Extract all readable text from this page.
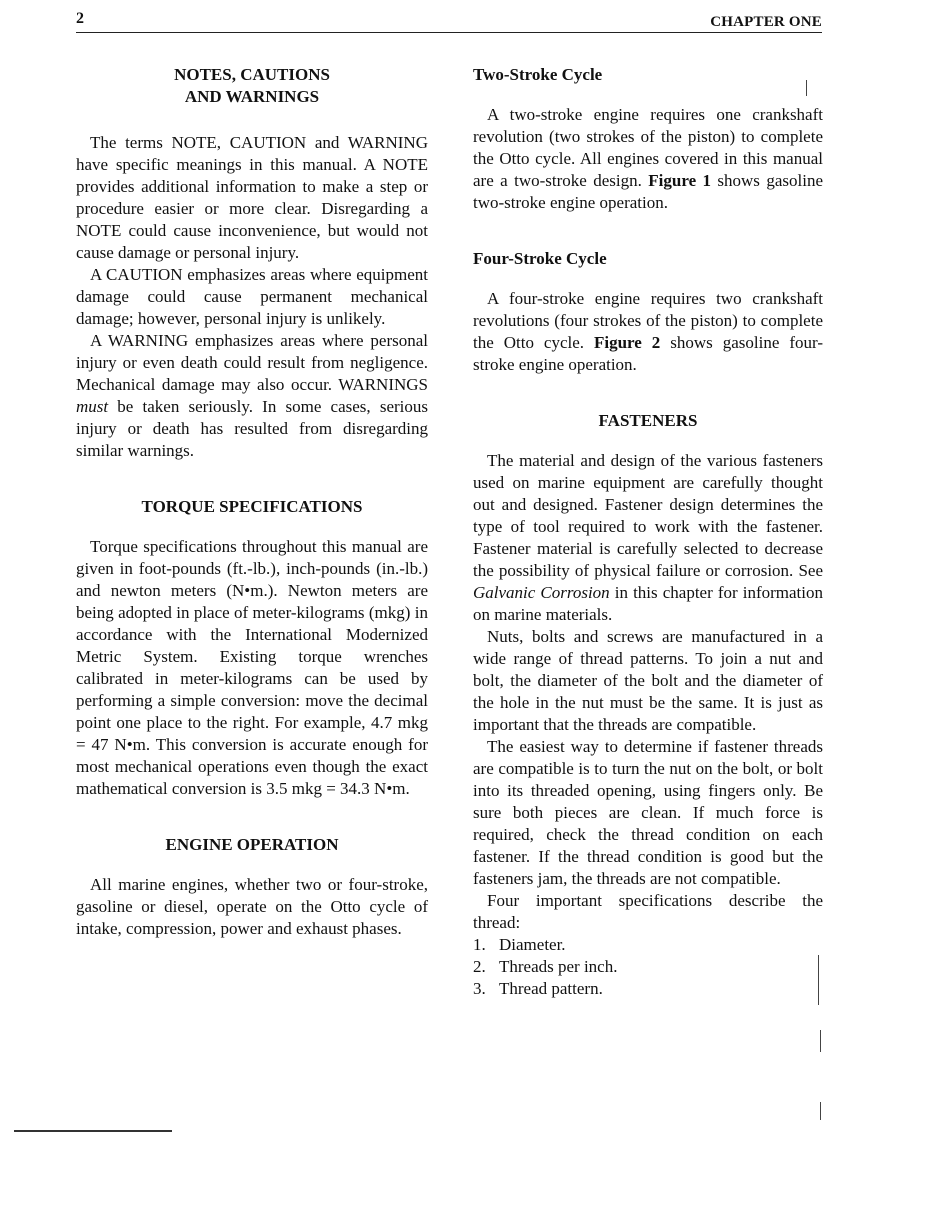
2	CHAPTER ONE
NOTES, CAUTIONS
AND WARNINGS

The terms NOTE, CAUTION and WARNING have specific meanings in this manual. A NOTE provides additional information to make a step or procedure easier or more clear. Disregarding a NOTE could cause inconvenience, but would not cause damage or personal injury.

A CAUTION emphasizes areas where equipment damage could cause permanent mechanical damage; however, personal injury is unlikely.

A WARNING emphasizes areas where personal injury or even death could result from negligence. Mechanical damage may also occur. WARNINGS must be taken seriously. In some cases, serious injury or death has resulted from disregarding similar warnings.

TORQUE SPECIFICATIONS

Torque specifications throughout this manual are given in foot-pounds (ft.-lb.), inch-pounds (in.-lb.) and newton meters (N•m.). Newton meters are being adopted in place of meter-kilograms (mkg) in accordance with the International Modernized Metric System. Existing torque wrenches calibrated in meter-kilograms can be used by performing a simple conversion: move the decimal point one place to the right. For example, 4.7 mkg = 47 N•m. This conversion is accurate enough for most mechanical operations even though the exact mathematical conversion is 3.5 mkg = 34.3 N•m.

ENGINE OPERATION

All marine engines, whether two or four-stroke, gasoline or diesel, operate on the Otto cycle of intake, compression, power and exhaust phases.

Two-Stroke Cycle

A two-stroke engine requires one crankshaft revolution (two strokes of the piston) to complete the Otto cycle. All engines covered in this manual are a two-stroke design. Figure 1 shows gasoline two-stroke engine operation.

Four-Stroke Cycle

A four-stroke engine requires two crankshaft revolutions (four strokes of the piston) to complete the Otto cycle. Figure 2 shows gasoline four-stroke engine operation.

FASTENERS

The material and design of the various fasteners used on marine equipment are carefully thought out and designed. Fastener design determines the type of tool required to work with the fastener. Fastener material is carefully selected to decrease the possibility of physical failure or corrosion. See Galvanic Corrosion in this chapter for information on marine materials.

Nuts, bolts and screws are manufactured in a wide range of thread patterns. To join a nut and bolt, the diameter of the bolt and the diameter of the hole in the nut must be the same. It is just as important that the threads are compatible.

The easiest way to determine if fastener threads are compatible is to turn the nut on the bolt, or bolt into its threaded opening, using fingers only. Be sure both pieces are clean. If much force is required, check the thread condition on each fastener. If the thread condition is good but the fasteners jam, the threads are not compatible.

Four important specifications describe the thread:

1. Diameter.
2. Threads per inch.
3. Thread pattern.
